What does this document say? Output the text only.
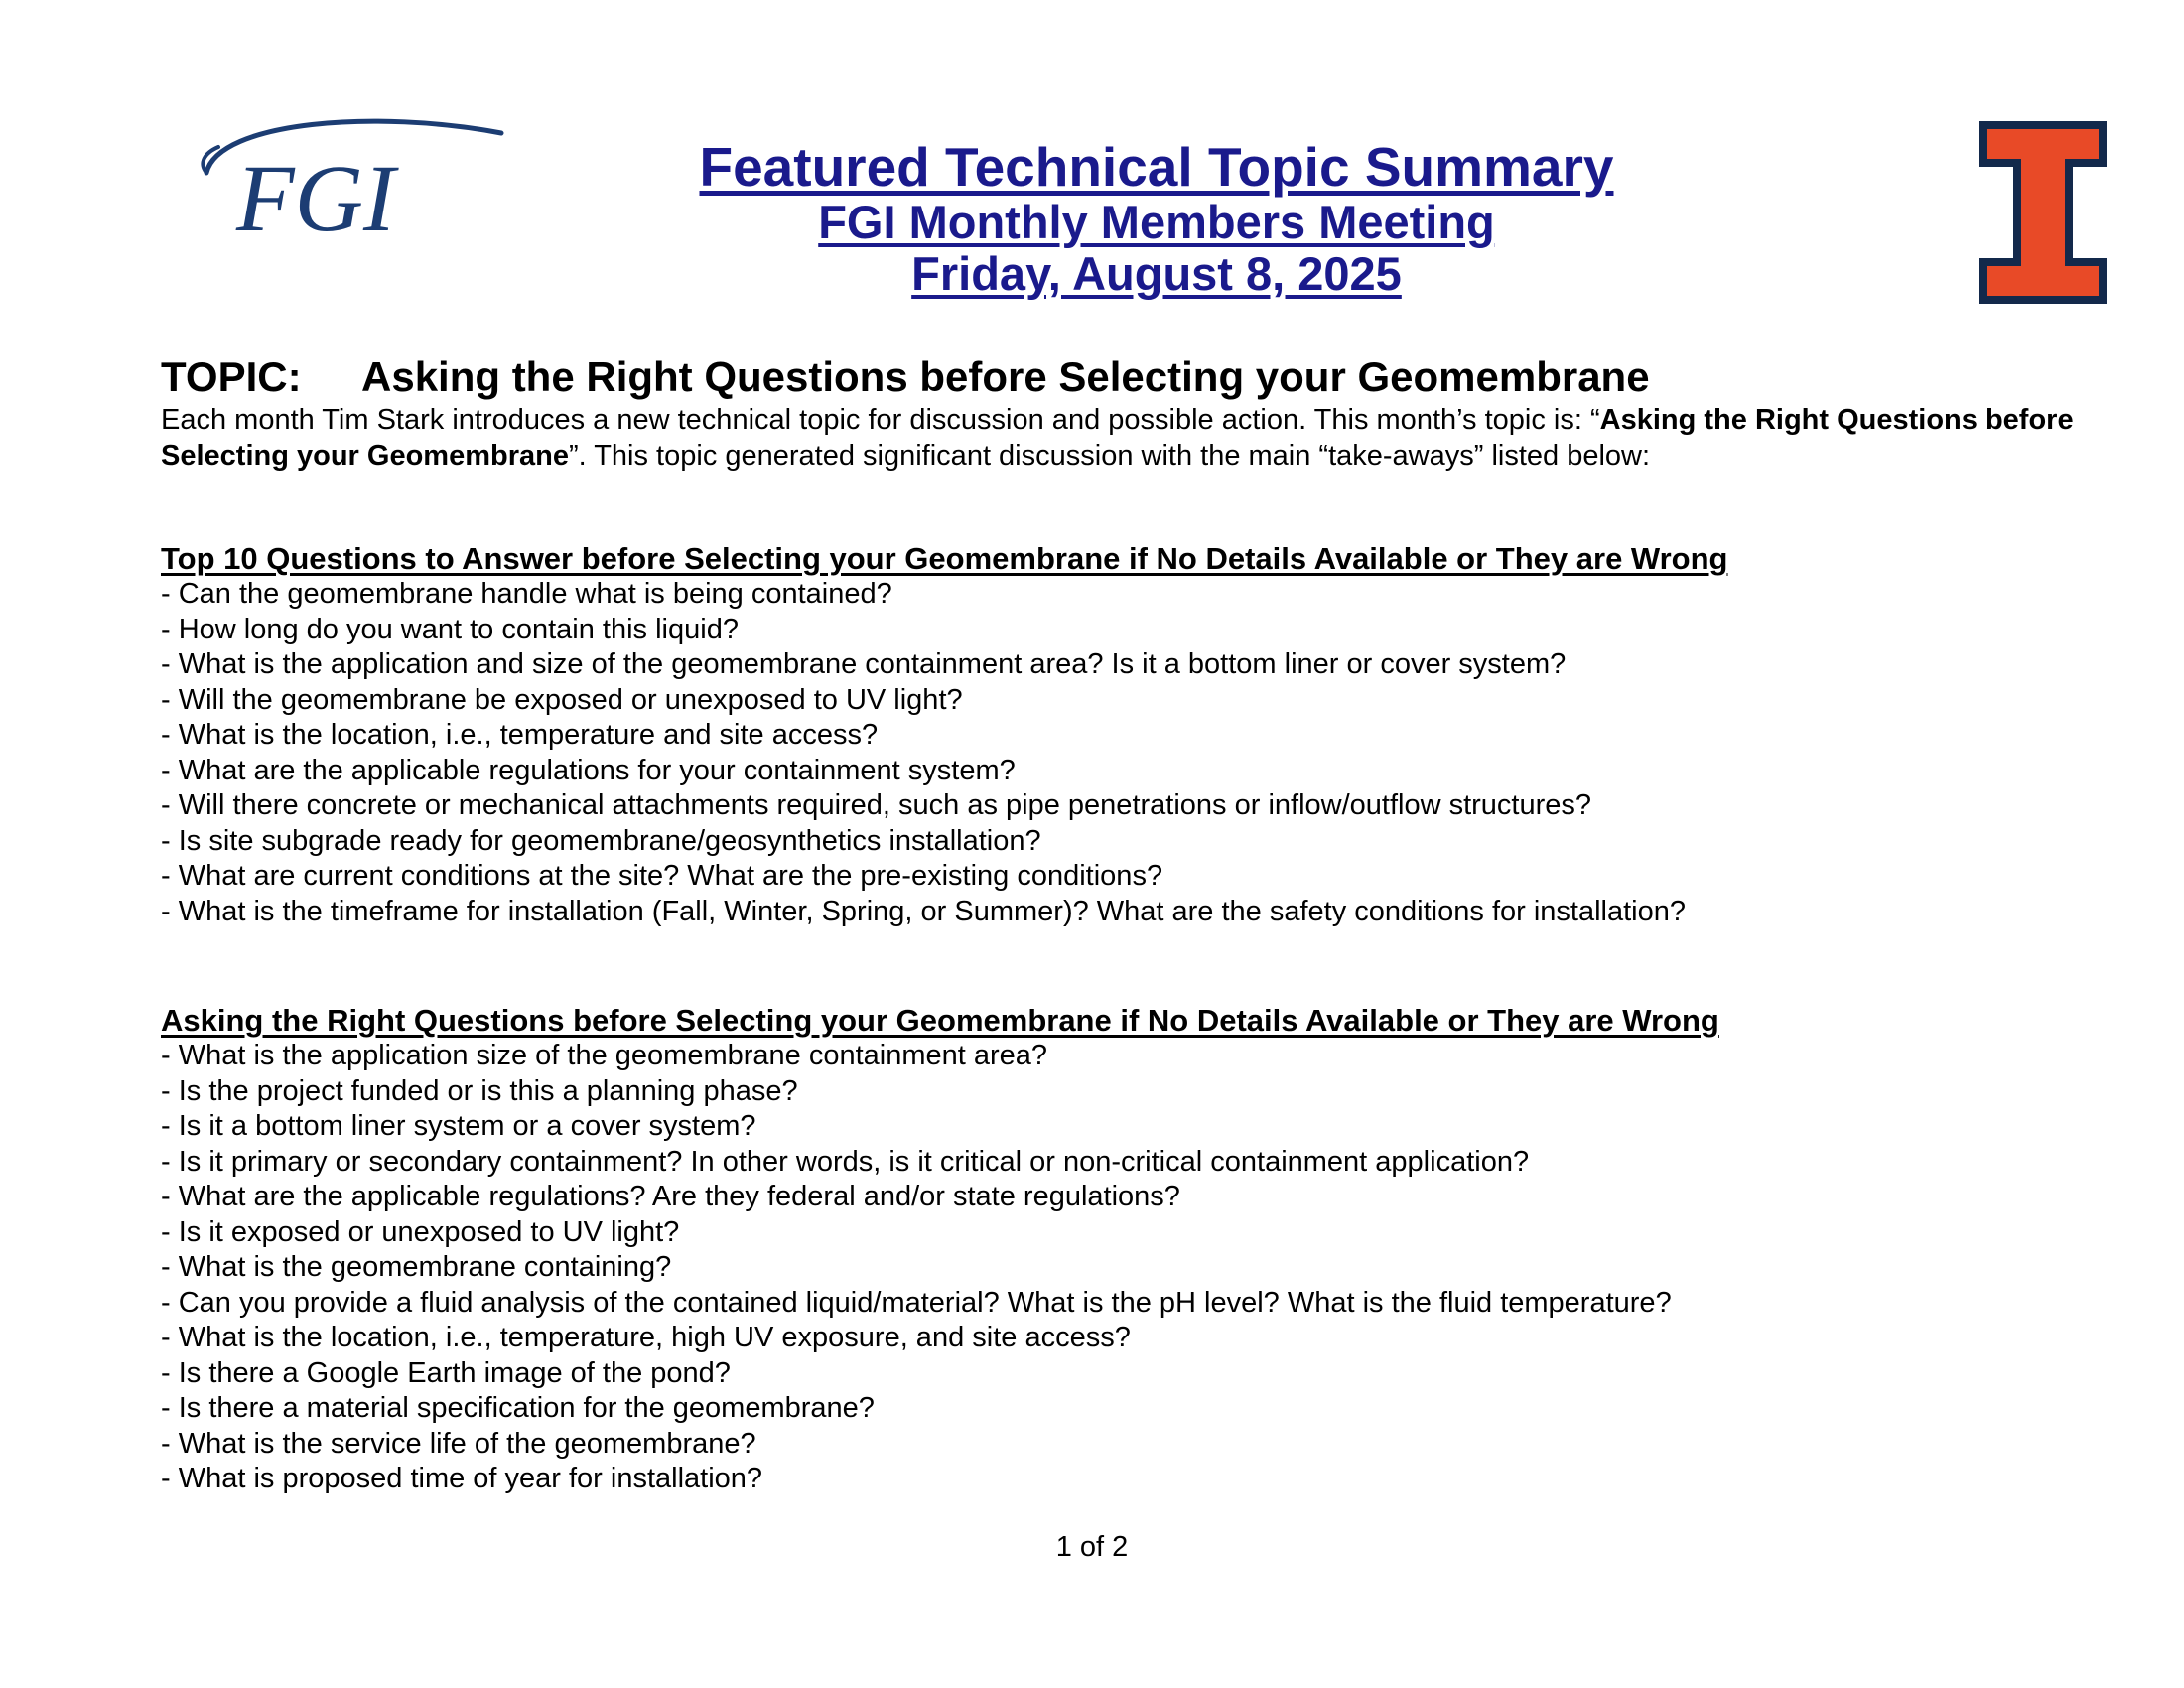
FGI	Featured Technical Topic Summary
FGI Monthly Members Meeting
Friday, August 8, 2025
TOPIC: Asking the Right Questions before Selecting your Geomembrane
Each month Tim Stark introduces a new technical topic for discussion and possible action. This month’s topic is: “Asking the Right Questions before Selecting your Geomembrane”. This topic generated significant discussion with the main “take-aways” listed below:
Top 10 Questions to Answer before Selecting your Geomembrane if No Details Available or They are Wrong
- Can the geomembrane handle what is being contained?
- How long do you want to contain this liquid?
- What is the application and size of the geomembrane containment area? Is it a bottom liner or cover system?
- Will the geomembrane be exposed or unexposed to UV light?
- What is the location, i.e., temperature and site access?
- What are the applicable regulations for your containment system?
- Will there concrete or mechanical attachments required, such as pipe penetrations or inflow/outflow structures?
- Is site subgrade ready for geomembrane/geosynthetics installation?
- What are current conditions at the site? What are the pre-existing conditions?
- What is the timeframe for installation (Fall, Winter, Spring, or Summer)? What are the safety conditions for installation?
Asking the Right Questions before Selecting your Geomembrane if No Details Available or They are Wrong
- What is the application size of the geomembrane containment area?
- Is the project funded or is this a planning phase?
- Is it a bottom liner system or a cover system?
- Is it primary or secondary containment? In other words, is it critical or non-critical containment application?
- What are the applicable regulations? Are they federal and/or state regulations?
- Is it exposed or unexposed to UV light?
- What is the geomembrane containing?
- Can you provide a fluid analysis of the contained liquid/material? What is the pH level? What is the fluid temperature?
- What is the location, i.e., temperature, high UV exposure, and site access?
- Is there a Google Earth image of the pond?
- Is there a material specification for the geomembrane?
- What is the service life of the geomembrane?
- What is proposed time of year for installation?
1 of 2
